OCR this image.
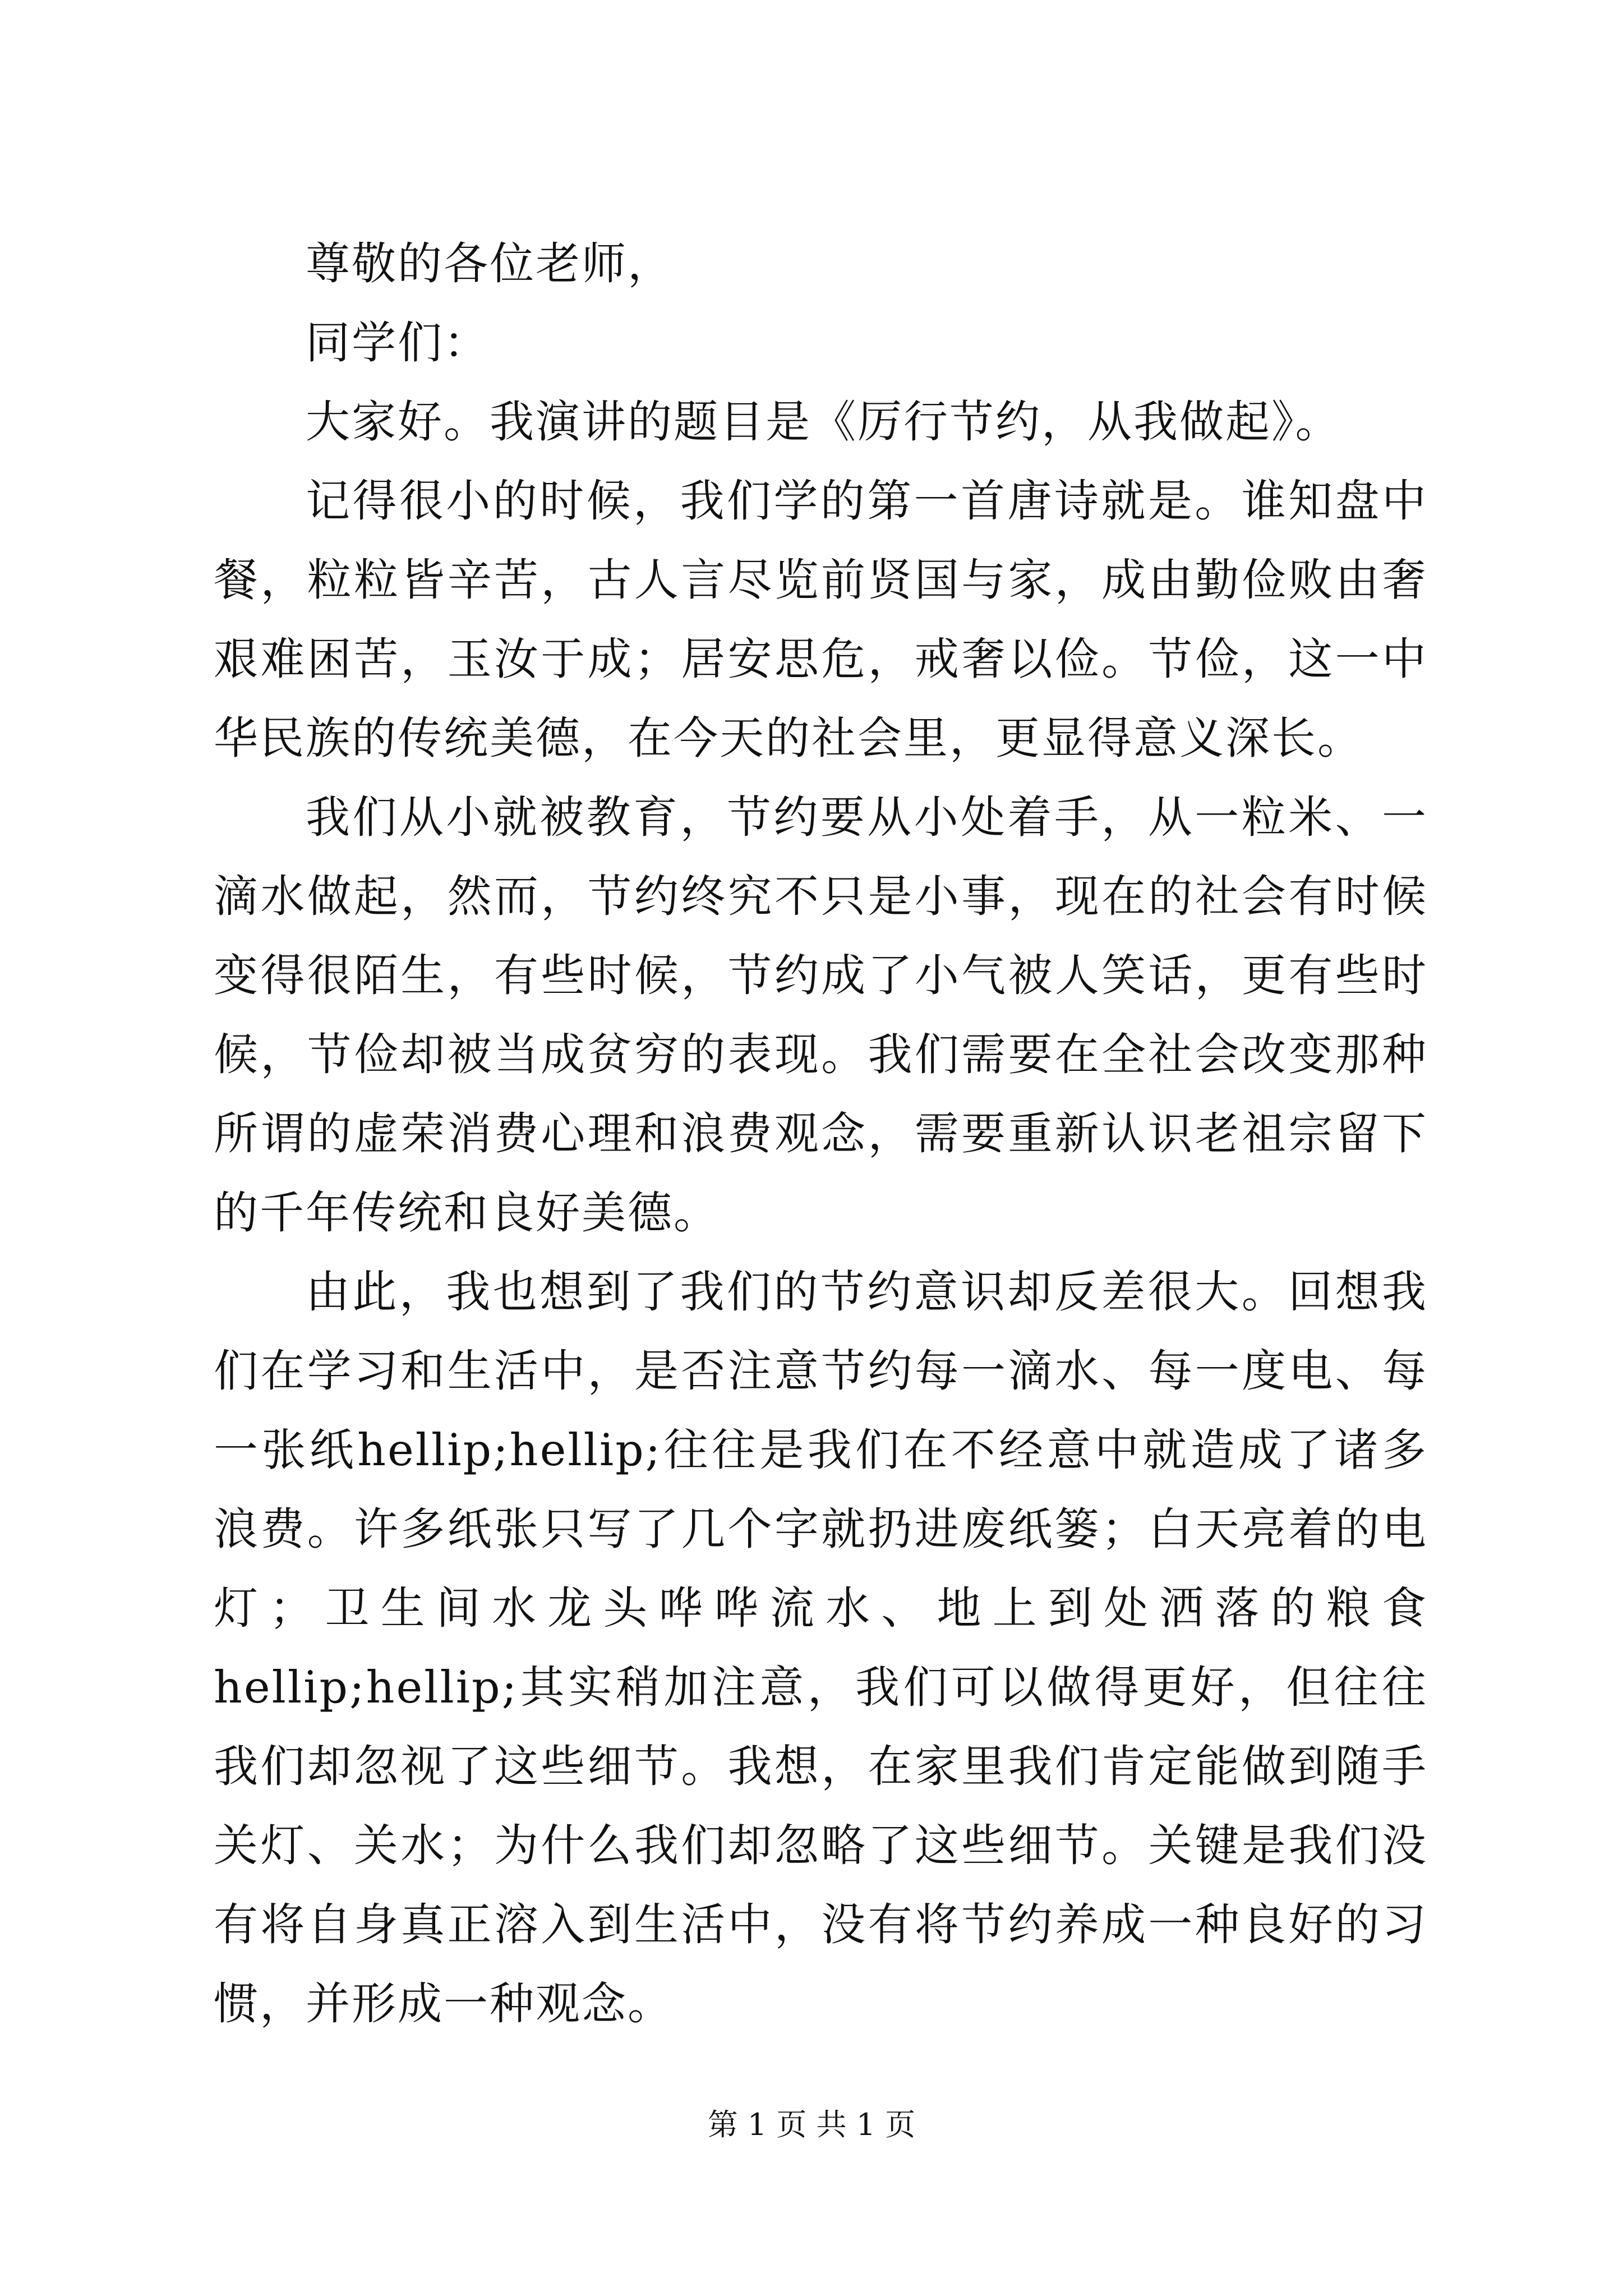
尊敬的各位老师，

同学们：

大家好。我演讲的题目是《厉行节约，从我做起》。

记得很小的时候，我们学的第一首唐诗就是。谁知盘中餐，粒粒皆辛苦，古人言尽览前贤国与家，成由勤俭败由奢艰难困苦，玉汝于成；居安思危，戒奢以俭。节俭，这一中华民族的传统美德，在今天的社会里，更显得意义深长。

我们从小就被教育，节约要从小处着手，从一粒米、一滴水做起，然而，节约终究不只是小事，现在的社会有时候变得很陌生，有些时候，节约成了小气被人笑话，更有些时候，节俭却被当成贫穷的表现。我们需要在全社会改变那种所谓的虚荣消费心理和浪费观念，需要重新认识老祖宗留下的千年传统和良好美德。

由此，我也想到了我们的节约意识却反差很大。回想我们在学习和生活中，是否注意节约每一滴水、每一度电、每一张纸hellip;hellip;往往是我们在不经意中就造成了诸多浪费。许多纸张只写了几个字就扔进废纸篓；白天亮着的电灯；卫生间水龙头哗哗流水、地上到处洒落的粮食hellip;hellip;其实稍加注意，我们可以做得更好，但往往我们却忽视了这些细节。我想，在家里我们肯定能做到随手关灯、关水；为什么我们却忽略了这些细节。关键是我们没有将自身真正溶入到生活中，没有将节约养成一种良好的习惯，并形成一种观念。

第 1 页 共 1 页
